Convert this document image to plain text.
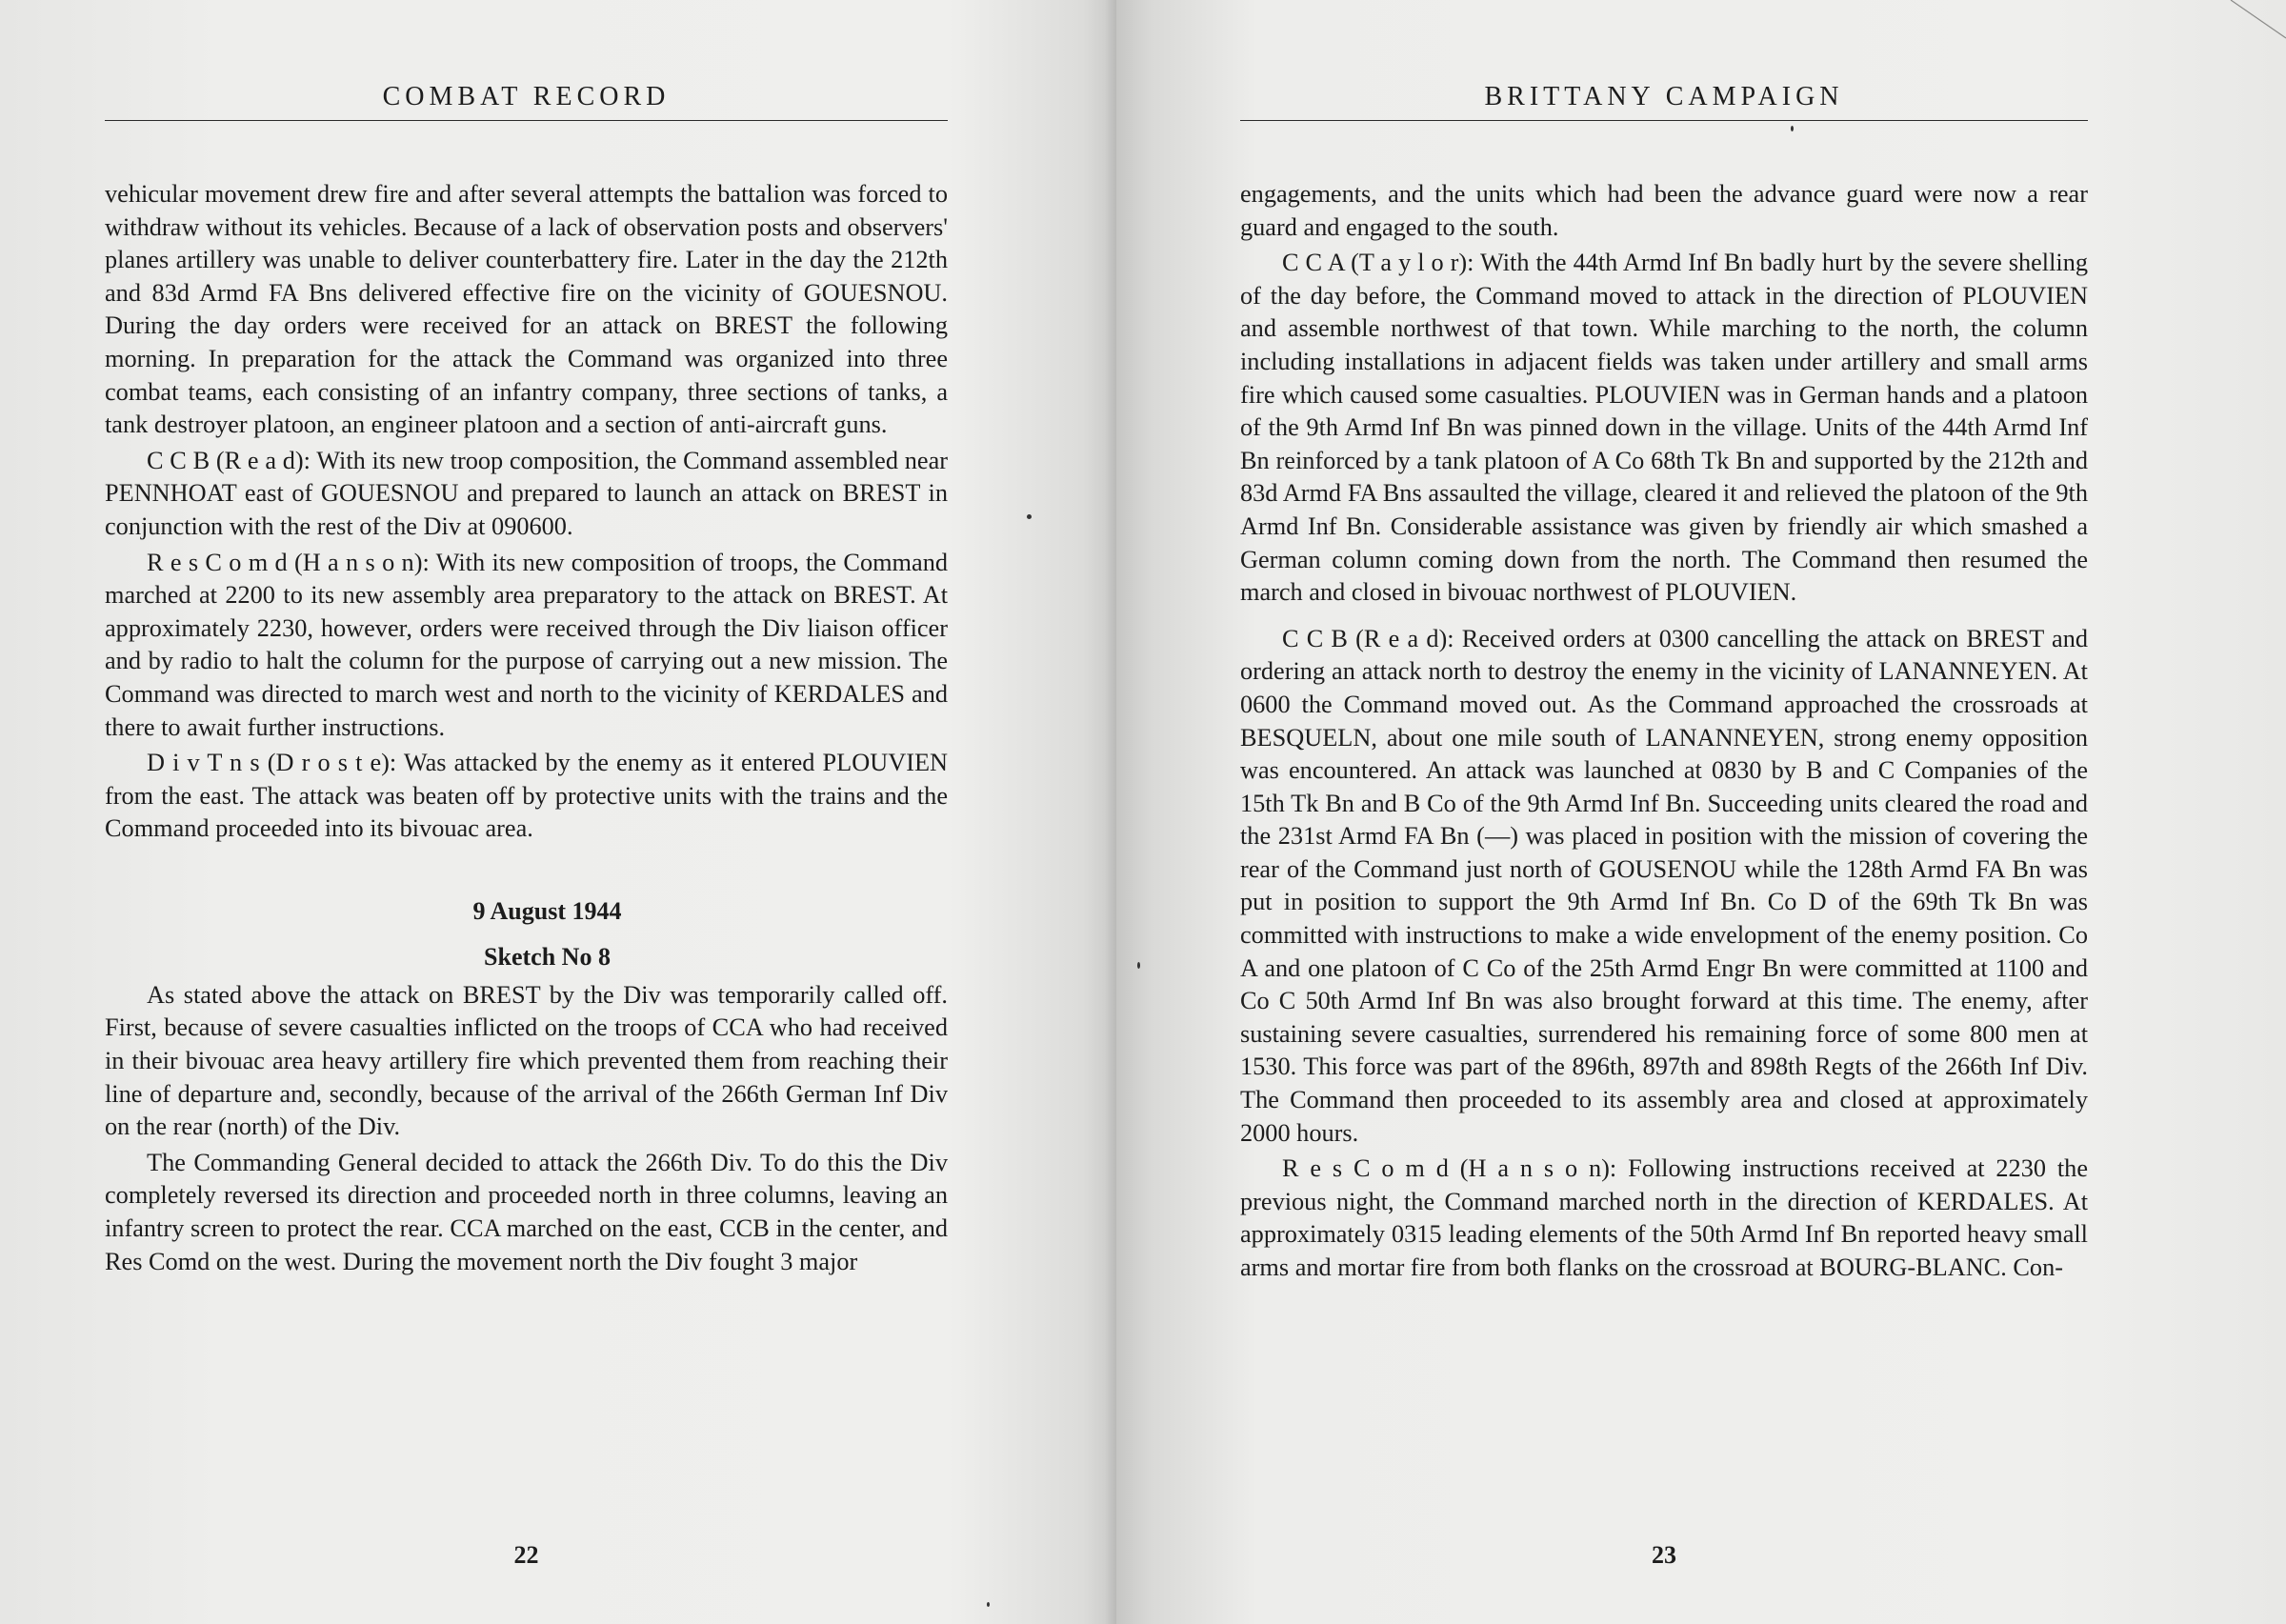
COMBAT RECORD

vehicular movement drew fire and after several attempts the battalion was forced to withdraw without its vehicles. Because of a lack of observation posts and observers' planes artillery was unable to deliver counterbattery fire. Later in the day the 212th and 83d Armd FA Bns delivered effective fire on the vicinity of GOUESNOU. During the day orders were received for an attack on BREST the following morning. In preparation for the attack the Command was organized into three combat teams, each consisting of an infantry company, three sections of tanks, a tank destroyer platoon, an engineer platoon and a section of anti-aircraft guns.

C C B (R e a d): With its new troop composition, the Command assembled near PENNHOAT east of GOUESNOU and prepared to launch an attack on BREST in conjunction with the rest of the Div at 090600.

R e s C o m d (H a n s o n): With its new composition of troops, the Command marched at 2200 to its new assembly area preparatory to the attack on BREST. At approximately 2230, however, orders were received through the Div liaison officer and by radio to halt the column for the purpose of carrying out a new mission. The Command was directed to march west and north to the vicinity of KERDALES and there to await further instructions.

D i v T n s (D r o s t e): Was attacked by the enemy as it entered PLOUVIEN from the east. The attack was beaten off by protective units with the trains and the Command proceeded into its bivouac area.

9 August 1944

Sketch No 8

As stated above the attack on BREST by the Div was temporarily called off. First, because of severe casualties inflicted on the troops of CCA who had received in their bivouac area heavy artillery fire which prevented them from reaching their line of departure and, secondly, because of the arrival of the 266th German Inf Div on the rear (north) of the Div.

The Commanding General decided to attack the 266th Div. To do this the Div completely reversed its direction and proceeded north in three columns, leaving an infantry screen to protect the rear. CCA marched on the east, CCB in the center, and Res Comd on the west. During the movement north the Div fought 3 major

22
BRITTANY CAMPAIGN

engagements, and the units which had been the advance guard were now a rear guard and engaged to the south.

C C A (T a y l o r): With the 44th Armd Inf Bn badly hurt by the severe shelling of the day before, the Command moved to attack in the direction of PLOUVIEN and assemble northwest of that town. While marching to the north, the column including installations in adjacent fields was taken under artillery and small arms fire which caused some casualties. PLOUVIEN was in German hands and a platoon of the 9th Armd Inf Bn was pinned down in the village. Units of the 44th Armd Inf Bn reinforced by a tank platoon of A Co 68th Tk Bn and supported by the 212th and 83d Armd FA Bns assaulted the village, cleared it and relieved the platoon of the 9th Armd Inf Bn. Considerable assistance was given by friendly air which smashed a German column coming down from the north. The Command then resumed the march and closed in bivouac northwest of PLOUVIEN.

C C B (R e a d): Received orders at 0300 cancelling the attack on BREST and ordering an attack north to destroy the enemy in the vicinity of LANANNEYEN. At 0600 the Command moved out. As the Command approached the crossroads at BESQUELN, about one mile south of LANANNEYEN, strong enemy opposition was encountered. An attack was launched at 0830 by B and C Companies of the 15th Tk Bn and B Co of the 9th Armd Inf Bn. Succeeding units cleared the road and the 231st Armd FA Bn (—) was placed in position with the mission of covering the rear of the Command just north of GOUSENOU while the 128th Armd FA Bn was put in position to support the 9th Armd Inf Bn. Co D of the 69th Tk Bn was committed with instructions to make a wide envelopment of the enemy position. Co A and one platoon of C Co of the 25th Armd Engr Bn were committed at 1100 and Co C 50th Armd Inf Bn was also brought forward at this time. The enemy, after sustaining severe casualties, surrendered his remaining force of some 800 men at 1530. This force was part of the 896th, 897th and 898th Regts of the 266th Inf Div. The Command then proceeded to its assembly area and closed at approximately 2000 hours.

R e s C o m d (H a n s o n): Following instructions received at 2230 the previous night, the Command marched north in the direction of KERDALES. At approximately 0315 leading elements of the 50th Armd Inf Bn reported heavy small arms and mortar fire from both flanks on the crossroad at BOURG-BLANC. Con-

23
